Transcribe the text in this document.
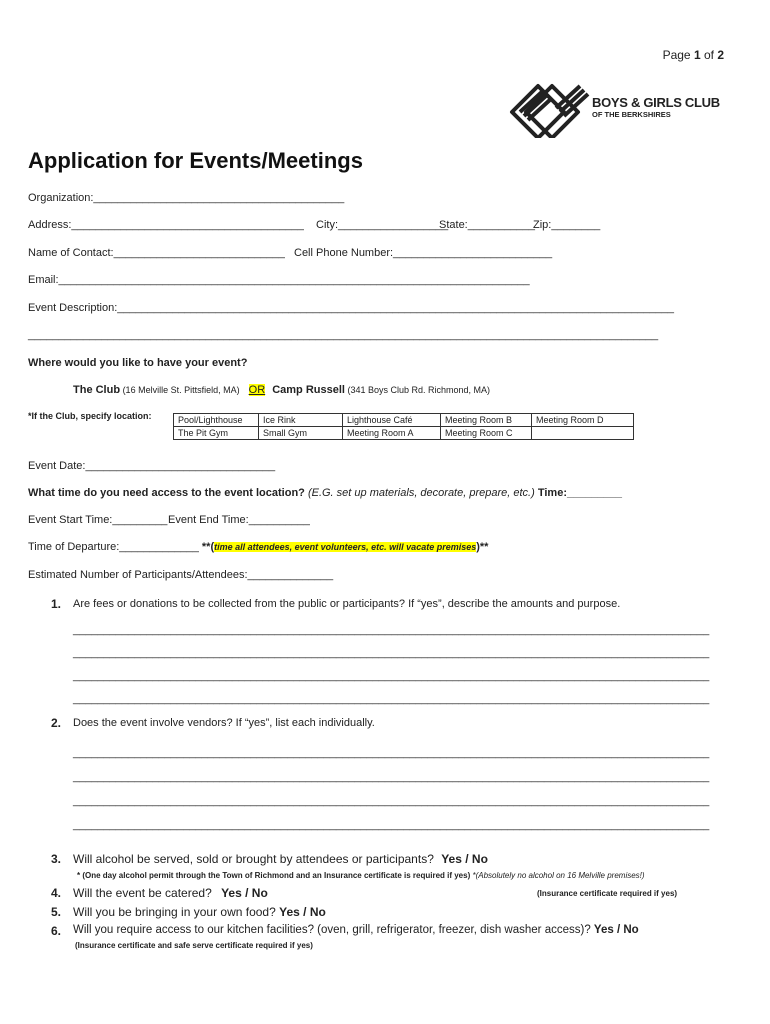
Page 1 of 2
BOYS & GIRLS CLUB
OF THE BERKSHIRES
Application for Events/Meetings
Organization:_________________________________________
Address:______________________________________ City:__________________
State:___________
Zip:________
Name of Contact:____________________________ Cell Phone Number:__________________________
Email:_____________________________________________________________________________
Event Description:___________________________________________________________________________________________
_______________________________________________________________________________________________________
Where would you like to have your event?
The Club (16 Melville St. Pittsfield, MA) OR Camp Russell (341 Boys Club Rd. Richmond, MA)
*If the Club, specify location:	Pool/Lighthouse	Ice Rink	Lighthouse Café	Meeting Room B	Meeting Room D
The Pit Gym	Small Gym	Meeting Room A	Meeting Room C	
Event Date:_______________________________
What time do you need access to the event location? (E.G. set up materials, decorate, prepare, etc.) Time:_________
Event Start Time:_________ Event End Time:__________
Time of Departure:_____________ **(time all attendees, event volunteers, etc. will vacate premises)**
Estimated Number of Participants/Attendees:______________
1. Are fees or donations to be collected from the public or participants? If “yes”, describe the amounts and purpose.
________________________________________________________________________________________________________
________________________________________________________________________________________________________
________________________________________________________________________________________________________
________________________________________________________________________________________________________
2. Does the event involve vendors? If “yes”, list each individually.
________________________________________________________________________________________________________
________________________________________________________________________________________________________
________________________________________________________________________________________________________
________________________________________________________________________________________________________
3. Will alcohol be served, sold or brought by attendees or participants? Yes / No
* (One day alcohol permit through the Town of Richmond and an Insurance certificate is required if yes) *(Absolutely no alcohol on 16 Melville premises!)
4. Will the event be catered? Yes / No	(Insurance certificate required if yes)
5. Will you be bringing in your own food? Yes / No
6. Will you require access to our kitchen facilities? (oven, grill, refrigerator, freezer, dish washer access)? Yes / No
(Insurance certificate and safe serve certificate required if yes)
